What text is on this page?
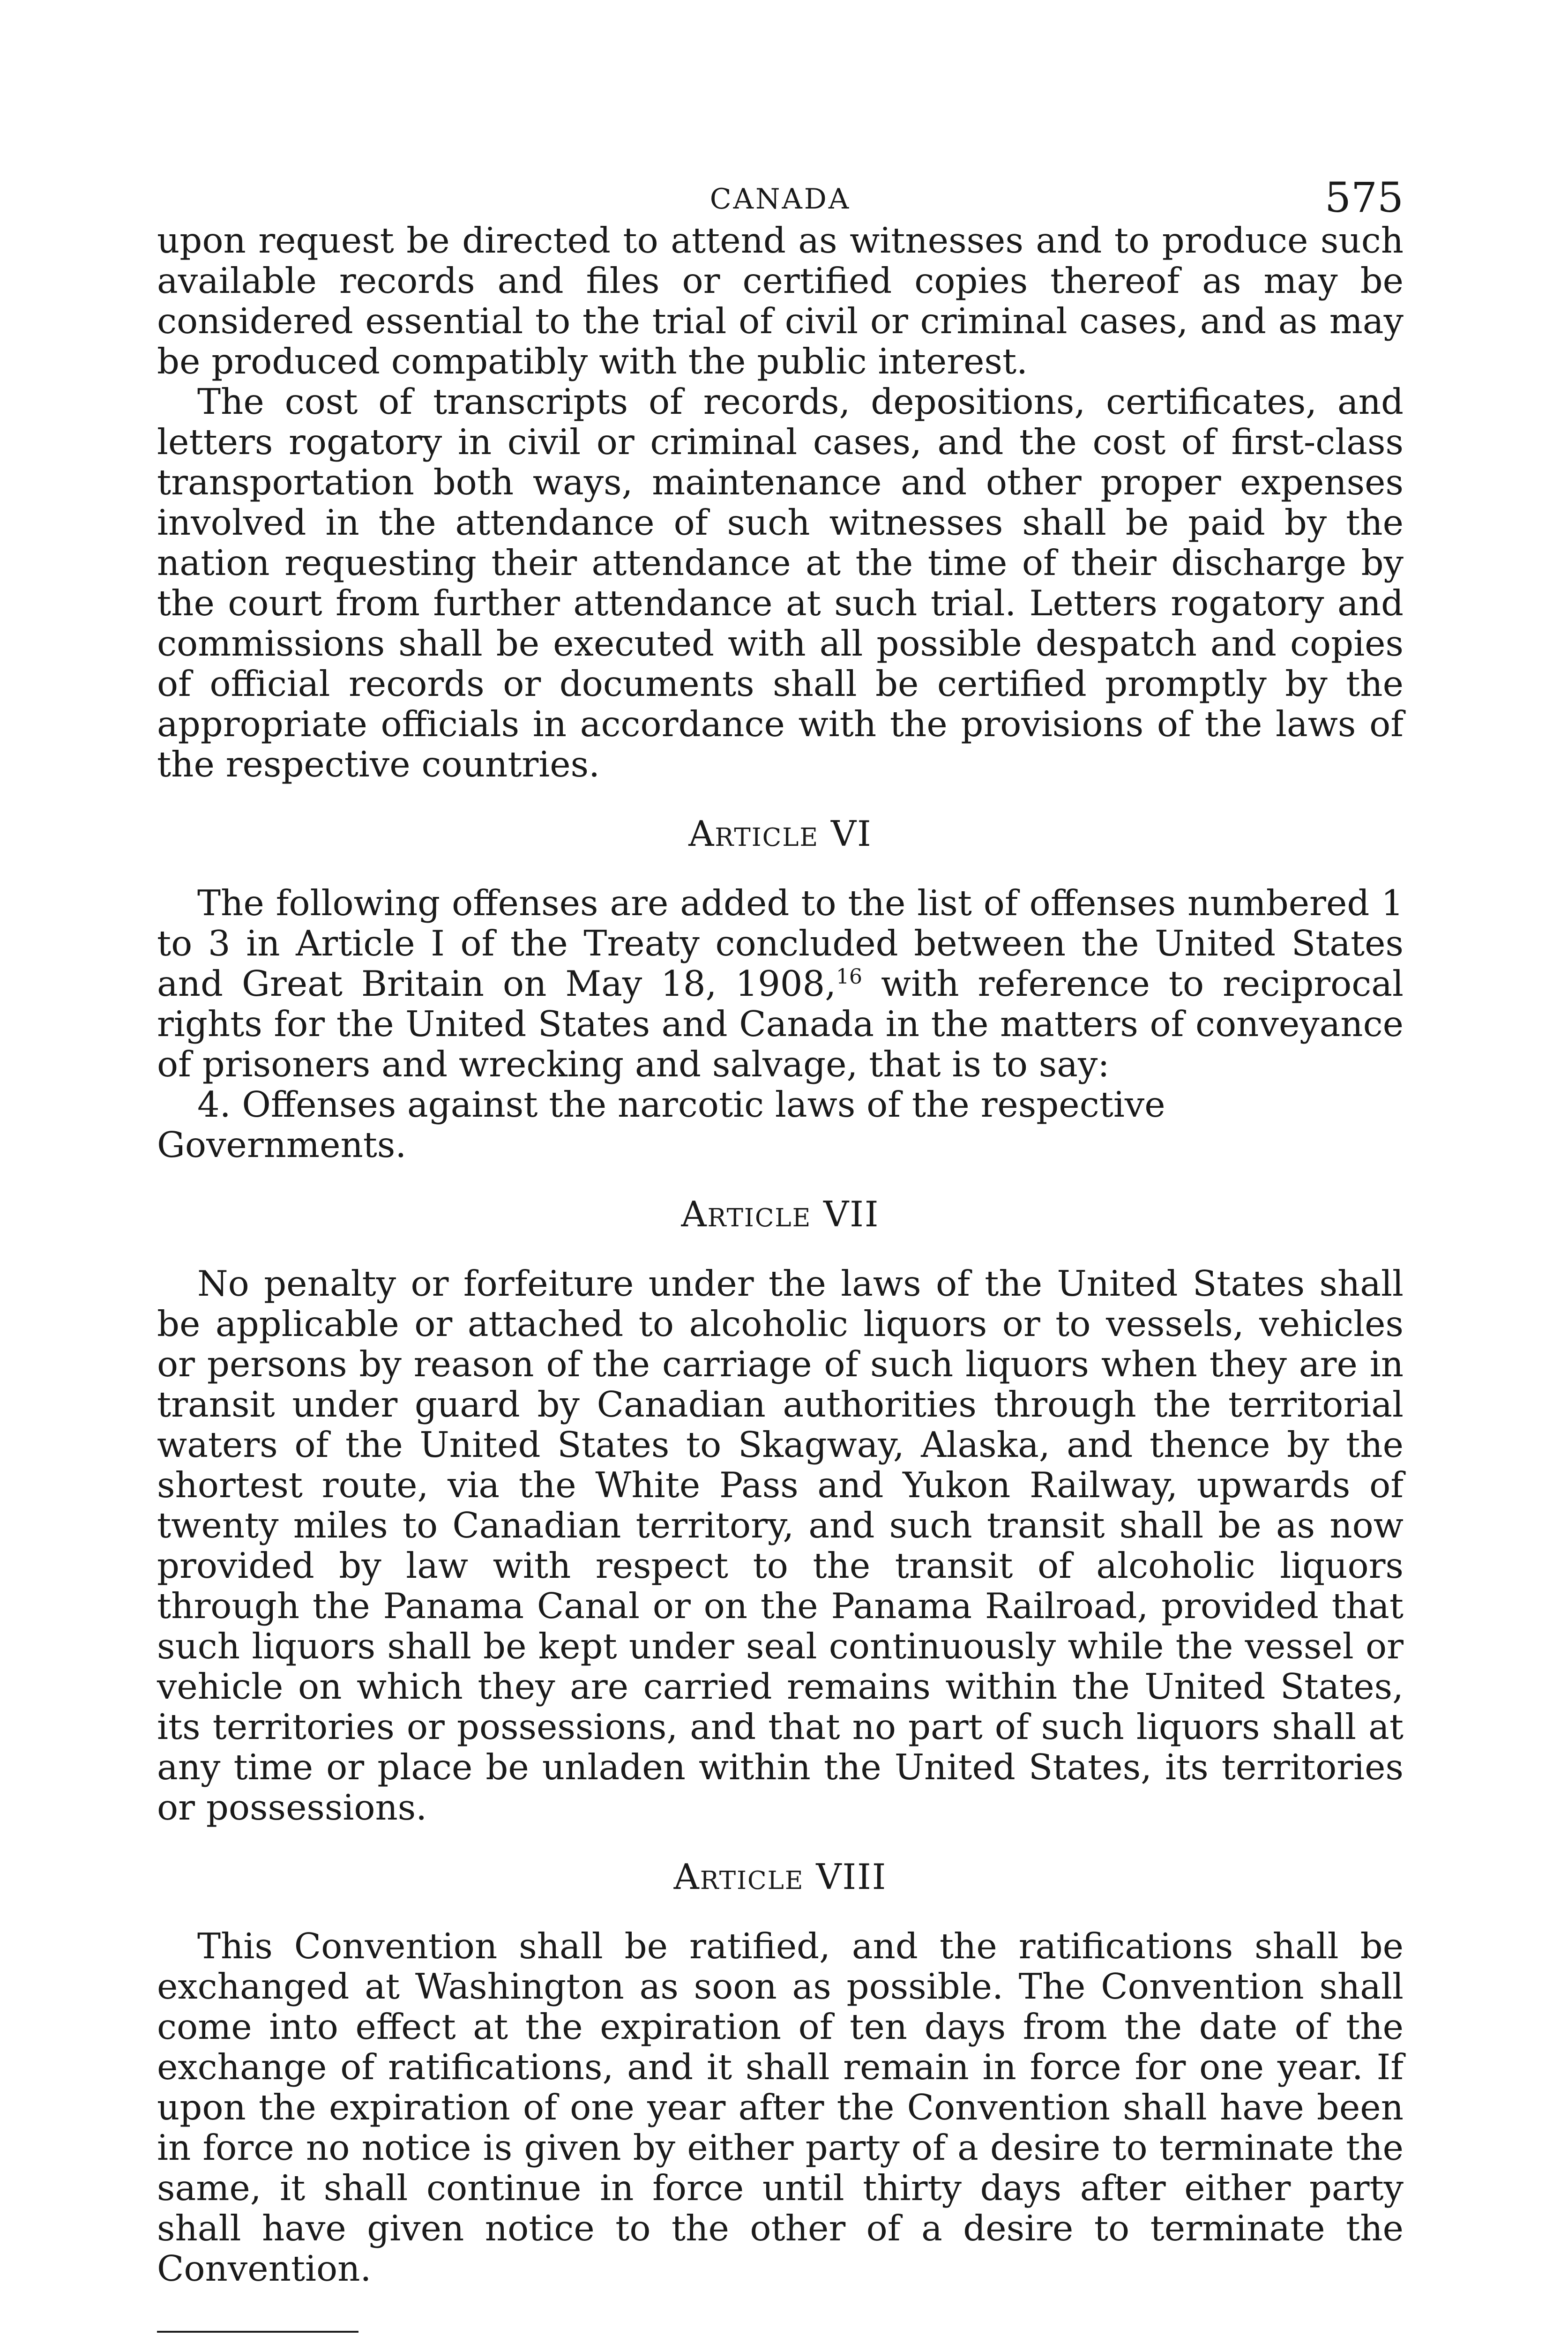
CANADA	575

upon request be directed to attend as witnesses and to produce such available records and files or certified copies thereof as may be considered essential to the trial of civil or criminal cases, and as may be produced compatibly with the public interest.

The cost of transcripts of records, depositions, certificates, and letters rogatory in civil or criminal cases, and the cost of first-class transportation both ways, maintenance and other proper expenses involved in the attendance of such witnesses shall be paid by the nation requesting their attendance at the time of their discharge by the court from further attendance at such trial. Letters rogatory and commissions shall be executed with all possible despatch and copies of official records or documents shall be certified promptly by the appropriate officials in accordance with the provisions of the laws of the respective countries.

Article VI

The following offenses are added to the list of offenses numbered 1 to 3 in Article I of the Treaty concluded between the United States and Great Britain on May 18, 1908,16 with reference to reciprocal rights for the United States and Canada in the matters of conveyance of prisoners and wrecking and salvage, that is to say:

4. Offenses against the narcotic laws of the respective Governments.

Article VII

No penalty or forfeiture under the laws of the United States shall be applicable or attached to alcoholic liquors or to vessels, vehicles or persons by reason of the carriage of such liquors when they are in transit under guard by Canadian authorities through the territorial waters of the United States to Skagway, Alaska, and thence by the shortest route, via the White Pass and Yukon Railway, upwards of twenty miles to Canadian territory, and such transit shall be as now provided by law with respect to the transit of alcoholic liquors through the Panama Canal or on the Panama Railroad, provided that such liquors shall be kept under seal continuously while the vessel or vehicle on which they are carried remains within the United States, its territories or possessions, and that no part of such liquors shall at any time or place be unladen within the United States, its territories or possessions.

Article VIII

This Convention shall be ratified, and the ratifications shall be exchanged at Washington as soon as possible. The Convention shall come into effect at the expiration of ten days from the date of the exchange of ratifications, and it shall remain in force for one year. If upon the expiration of one year after the Convention shall have been in force no notice is given by either party of a desire to terminate the same, it shall continue in force until thirty days after either party shall have given notice to the other of a desire to terminate the Convention.
